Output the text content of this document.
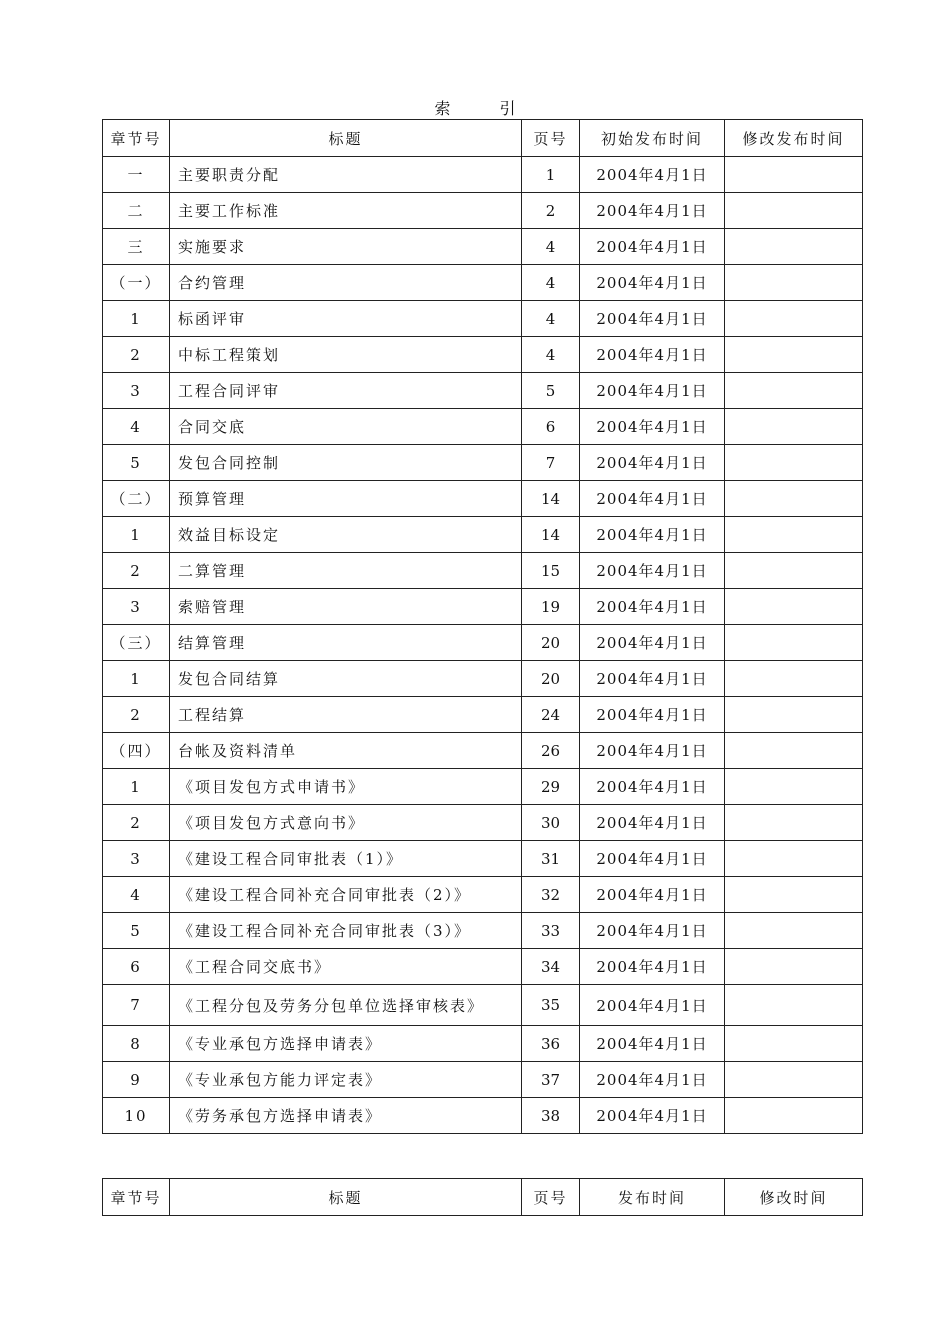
索 引
章节号	标题	页号	初始发布时间	修改发布时间
一	主要职责分配	1	2004年4月1日	
二	主要工作标准	2	2004年4月1日	
三	实施要求	4	2004年4月1日	
（一）	合约管理	4	2004年4月1日	
1	标函评审	4	2004年4月1日	
2	中标工程策划	4	2004年4月1日	
3	工程合同评审	5	2004年4月1日	
4	合同交底	6	2004年4月1日	
5	发包合同控制	7	2004年4月1日	
（二）	预算管理	14	2004年4月1日	
1	效益目标设定	14	2004年4月1日	
2	二算管理	15	2004年4月1日	
3	索赔管理	19	2004年4月1日	
（三）	结算管理	20	2004年4月1日	
1	发包合同结算	20	2004年4月1日	
2	工程结算	24	2004年4月1日	
（四）	台帐及资料清单	26	2004年4月1日	
1	《项目发包方式申请书》	29	2004年4月1日	
2	《项目发包方式意向书》	30	2004年4月1日	
3	《建设工程合同审批表（1）》	31	2004年4月1日	
4	《建设工程合同补充合同审批表（2）》	32	2004年4月1日	
5	《建设工程合同补充合同审批表（3）》	33	2004年4月1日	
6	《工程合同交底书》	34	2004年4月1日	
7	《工程分包及劳务分包单位选择审核表》	35	2004年4月1日	
8	《专业承包方选择申请表》	36	2004年4月1日	
9	《专业承包方能力评定表》	37	2004年4月1日	
10	《劳务承包方选择申请表》	38	2004年4月1日	
章节号	标题	页号	发布时间	修改时间
